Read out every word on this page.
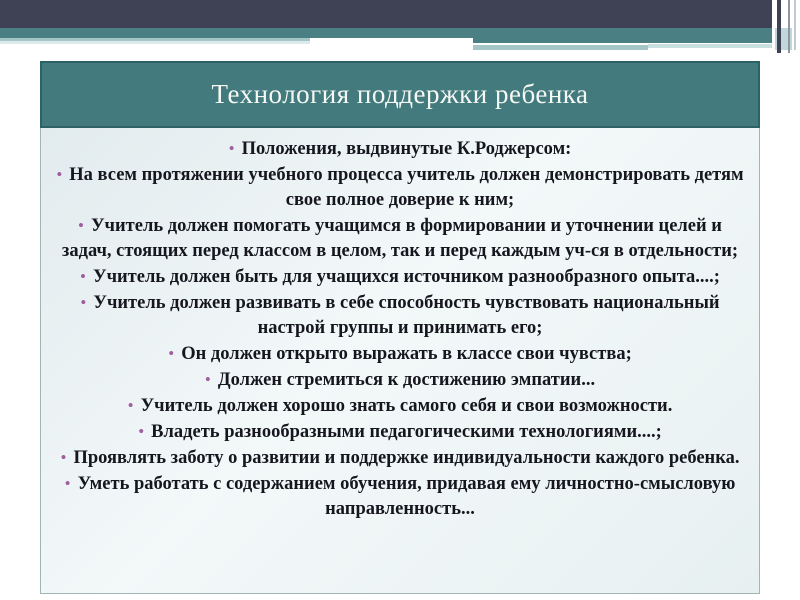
Технология поддержки ребенка
• Положения, выдвинутые К.Роджерсом:
• На всем протяжении учебного процесса учитель должен демонстрировать детям свое полное доверие к ним;
• Учитель должен помогать учащимся в формировании и уточнении целей и задач, стоящих перед классом в целом, так и перед каждым уч-ся в отдельности;
• Учитель должен быть для учащихся источником разнообразного опыта....;
• Учитель должен развивать в себе способность чувствовать национальный настрой группы и принимать его;
• Он должен открыто выражать в классе свои чувства;
• Должен стремиться к достижению эмпатии...
• Учитель должен хорошо знать самого себя и свои возможности.
• Владеть разнообразными педагогическими технологиями....;
• Проявлять заботу о развитии и поддержке индивидуальности каждого ребенка.
• Уметь работать с содержанием обучения, придавая ему личностно-смысловую направленность...
